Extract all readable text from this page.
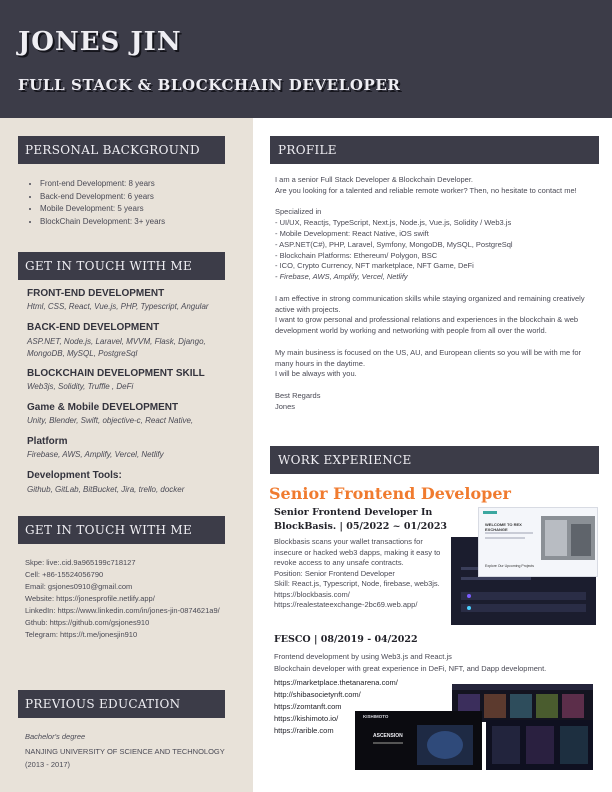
JONES JIN
FULL STACK & BLOCKCHAIN DEVELOPER
PERSONAL BACKGROUND
• Front-end Development: 8 years
• Back-end Development: 6 years
• Mobile Development: 5 years
• BlockChain Development: 3+ years
GET IN TOUCH WITH ME
FRONT-END DEVELOPMENT
Html, CSS, React, Vue.js, PHP, Typescript, Angular
BACK-END DEVELOPMENT
ASP.NET, Node.js, Laravel, MVVM, Flask, Django, MongoDB, MySQL, PostgreSql
BLOCKCHAIN DEVELOPMENT SKILL
Web3js, Solidity, Truffle , DeFi
Game & Mobile DEVELOPMENT
Unity, Blender, Swift, objective-c, React Native,
Platform
Firebase, AWS, Amplify, Vercel, Netlify
Development Tools:
Github, GitLab, BitBucket, Jira, trello, docker
GET IN TOUCH WITH ME
Skpe: live:.cid.9a965199c718127
Cell: +86-15524056790
Email: gsjones0910@gmail.com
Website: https://jonesprofile.netlify.app/
LinkedIn: https://www.linkedin.com/in/jones-jin-0874621a9/
Gthub: https://github.com/gsjones910
Telegram: https://t.me/jonesjin910
PREVIOUS EDUCATION
Bachelor's degree
NANJING UNIVERSITY OF SCIENCE AND TECHNOLOGY (2013 - 2017)
PROFILE

I am a senior Full Stack Developer & Blockchain Developer.

Are you looking for a talented and reliable remote worker? Then, no hesitate to contact me!

Specialized in

- UI/UX, Reactjs, TypeScript, Next.js, Node.js, Vue.js, Solidity / Web3.js

- Mobile Development: React Native, iOS swift

- ASP.NET(C#), PHP, Laravel, Symfony, MongoDB, MySQL, PostgreSql

- Blockchain Platforms: Ethereum/ Polygon, BSC

- ICO, Crypto Currency, NFT marketplace, NFT Game, DeFi

- Firebase, AWS, Amplify, Vercel, Netlify

I am effective in strong communication skills while staying organized and remaining creatively active with projects.

I want to grow personal and professional relations and experiences in the blockchain & web development world by working and networking with people from all over the world.

My main business is focused on the US, AU, and European clients so you will be with me for many hours in the daytime.

I will be always with you.

Best Regards

Jones

WORK EXPERIENCE
Senior Frontend Developer
Senior Frontend Developer In BlockBasis. | 05/2022 ~ 01/2023
Blockbasis scans your wallet transactions for insecure or hacked web3 dapps, making it easy to revoke access to any unsafe contracts.
Position: Senior Frontend Developer
Skill: React.js, Typescript, Node, firebase, web3js.
https://blockbasis.com/
https://realestateexchange-2bc69.web.app/
WELCOME TO REX EXCHANGE
Explore Our Upcoming Projects
FESCO | 08/2019 - 04/2022
Frontend development by using Web3.js and React.js
Blockchain developer with great experience in DeFi, NFT, and Dapp development.
https://marketplace.thetanarena.com/
http://shibasocietynft.com/
https://zomtanft.com
https://kishimoto.io/
https://rarible.com
KISHIMOTO
ASCENSION
